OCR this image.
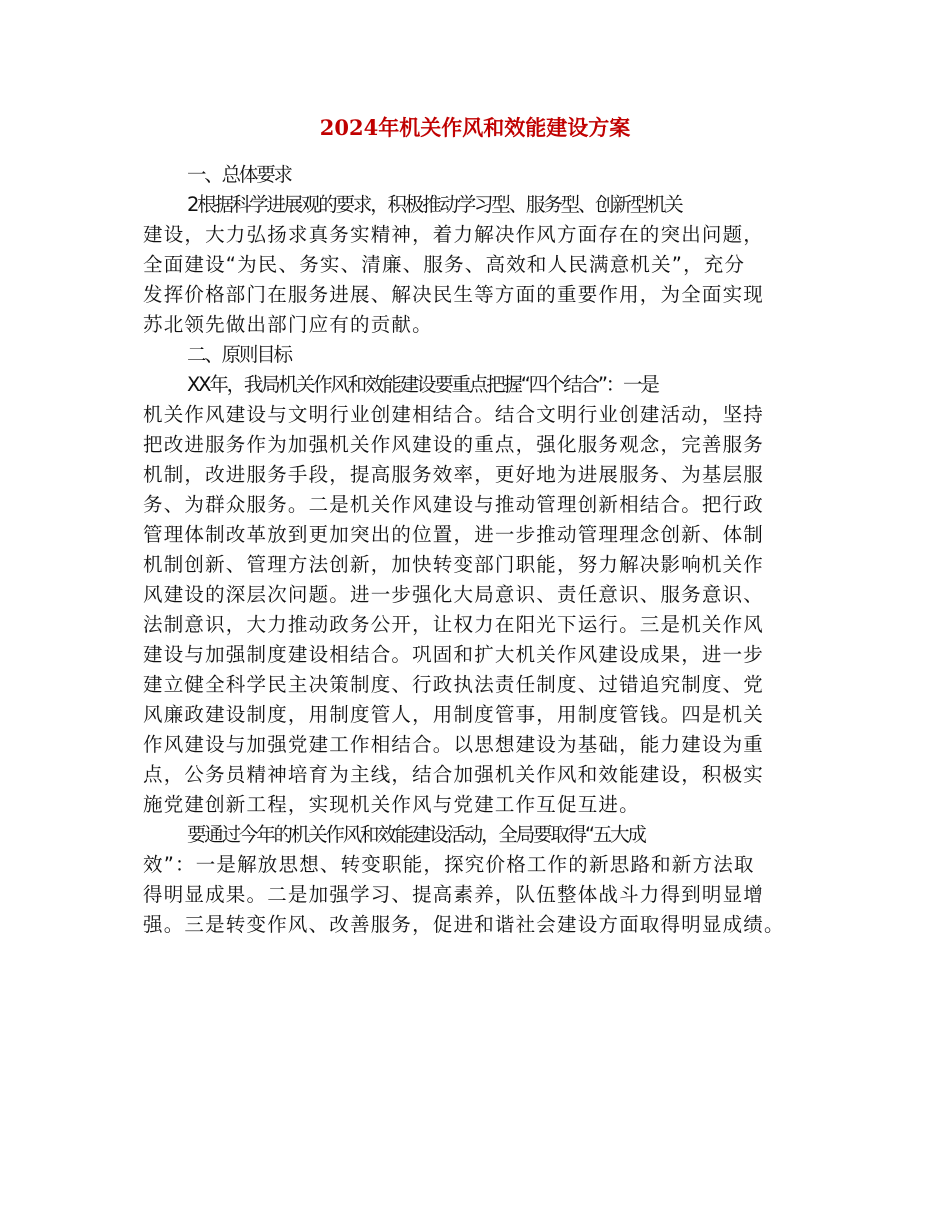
2024年机关作风和效能建设方案
一、总体要求
2根据科学进展观的要求，积极推动学习型、服务型、创新型机关
建设，大力弘扬求真务实精神，着力解决作风方面存在的突出问题，
全面建设“为民、务实、清廉、服务、高效和人民满意机关”，充分
发挥价格部门在服务进展、解决民生等方面的重要作用，为全面实现
苏北领先做出部门应有的贡献。
二、原则目标
XX年，我局机关作风和效能建设要重点把握“四个结合”：一是
机关作风建设与文明行业创建相结合。结合文明行业创建活动，坚持
把改进服务作为加强机关作风建设的重点，强化服务观念，完善服务
机制，改进服务手段，提高服务效率，更好地为进展服务、为基层服
务、为群众服务。二是机关作风建设与推动管理创新相结合。把行政
管理体制改革放到更加突出的位置，进一步推动管理理念创新、体制
机制创新、管理方法创新，加快转变部门职能，努力解决影响机关作
风建设的深层次问题。进一步强化大局意识、责任意识、服务意识、
法制意识，大力推动政务公开，让权力在阳光下运行。三是机关作风
建设与加强制度建设相结合。巩固和扩大机关作风建设成果，进一步
建立健全科学民主决策制度、行政执法责任制度、过错追究制度、党
风廉政建设制度，用制度管人，用制度管事，用制度管钱。四是机关
作风建设与加强党建工作相结合。以思想建设为基础，能力建设为重
点，公务员精神培育为主线，结合加强机关作风和效能建设，积极实
施党建创新工程，实现机关作风与党建工作互促互进。
要通过今年的机关作风和效能建设活动，全局要取得“五大成
效”：一是解放思想、转变职能，探究价格工作的新思路和新方法取
得明显成果。二是加强学习、提高素养，队伍整体战斗力得到明显增
强。三是转变作风、改善服务，促进和谐社会建设方面取得明显成绩。
